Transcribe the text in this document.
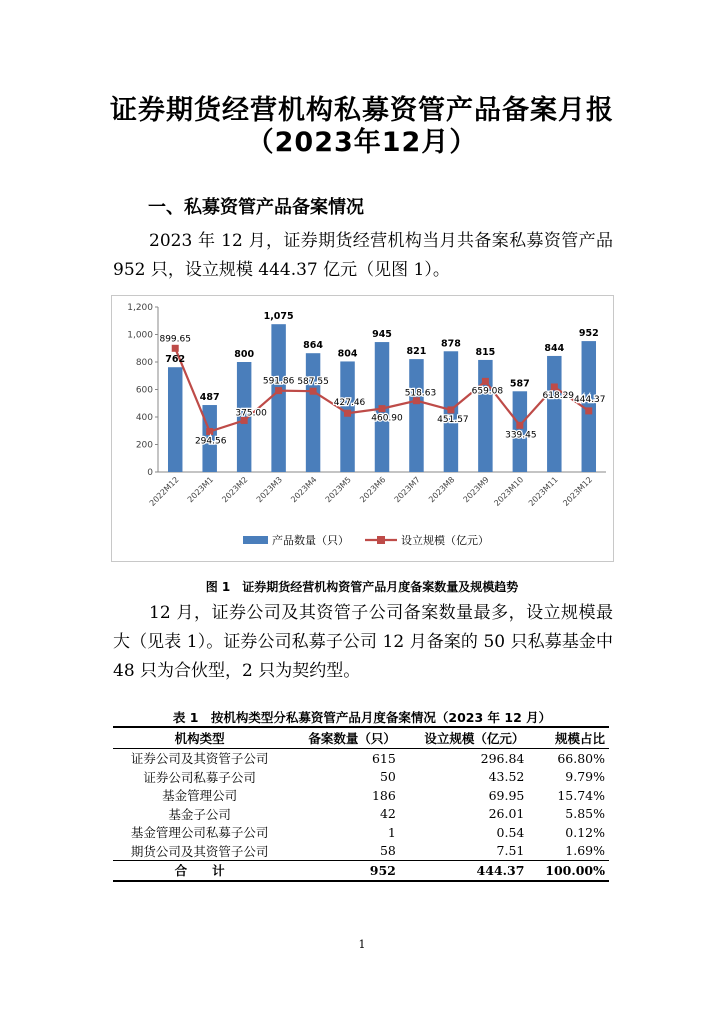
证券期货经营机构私募资管产品备案月报
（2023年12月）
一、私募资管产品备案情况

2023 年 12 月，证券期货经营机构当月共备案私募资管产品 952 只，设立规模 444.37 亿元（见图 1）。

0
200
400
600
800
1,000
1,200
2022M12 2023M1 2023M2 2023M3 2023M4 2023M5 2023M6 2023M7 2023M8 2023M9 2023M10 2023M11 2023M12
762
487
800
1,075
864
804
945
821
878
815
587
844
952
899.65
294.56
375.00
591.86 587.55
427.46
460.90
518.63
451.57
659.08
339.45
618.29 444.37
产品数量（只）	设立规模（亿元）
图 1　证券期货经营机构资管产品月度备案数量及规模趋势

12 月，证券公司及其资管子公司备案数量最多，设立规模最大（见表 1）。证券公司私募子公司 12 月备案的 50 只私募基金中 48 只为合伙型，2 只为契约型。

表 1　按机构类型分私募资管产品月度备案情况（2023 年 12 月）
机构类型	备案数量（只）	设立规模（亿元）	规模占比
证券公司及其资管子公司	615	296.84	66.80%
证券公司私募子公司	50	43.52	9.79%
基金管理公司	186	69.95	15.74%
基金子公司	42	26.01	5.85%
基金管理公司私募子公司	1	0.54	0.12%
期货公司及其资管子公司	58	7.51	1.69%
合　　计	952	444.37	100.00%
1
